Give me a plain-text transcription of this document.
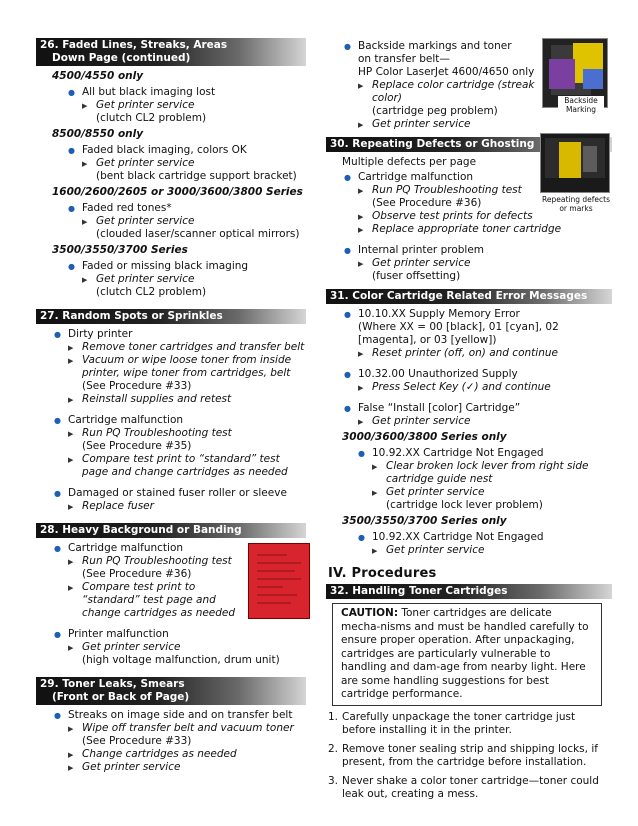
26. Faded Lines, Streaks, Areas
Down Page (continued)
4500/4550 only
● All but black imaging lost
▶ Get printer service
(clutch CL2 problem)
8500/8550 only
● Faded black imaging, colors OK
▶ Get printer service
(bent black cartridge support bracket)
1600/2600/2605 or 3000/3600/3800 Series
● Faded red tones*
▶ Get printer service
(clouded laser/scanner optical mirrors)
3500/3550/3700 Series
● Faded or missing black imaging
▶ Get printer service
(clutch CL2 problem)
27. Random Spots or Sprinkles
● Dirty printer
▶ Remove toner cartridges and transfer belt
▶ Vacuum or wipe loose toner from inside
printer, wipe toner from cartridges, belt
(See Procedure #33)
▶ Reinstall supplies and retest
● Cartridge malfunction
▶ Run PQ Troubleshooting test
(See Procedure #35)
▶ Compare test print to “standard” test
page and change cartridges as needed
● Damaged or stained fuser roller or sleeve
▶ Replace fuser
28. Heavy Background or Banding
● Cartridge malfunction
▶ Run PQ Troubleshooting test
(See Procedure #36)
▶ Compare test print to
“standard” test page and
change cartridges as needed
● Printer malfunction
▶ Get printer service
(high voltage malfunction, drum unit)
29. Toner Leaks, Smears
(Front or Back of Page)
● Streaks on image side and on transfer belt
▶ Wipe off transfer belt and vacuum toner
(See Procedure #33)
▶ Change cartridges as needed
▶ Get printer service
● Backside markings and toner
on transfer belt—
HP Color LaserJet 4600/4650 only
▶ Replace color cartridge (streak
color)
(cartridge peg problem)
▶ Get printer service
Backside Marking
30. Repeating Defects or Ghosting
Multiple defects per page
● Cartridge malfunction
▶ Run PQ Troubleshooting test
(See Procedure #36)
▶ Observe test prints for defects
▶ Replace appropriate toner cartridge
● Internal printer problem
▶ Get printer service
(fuser offsetting)
Repeating defects or marks
31. Color Cartridge Related Error Messages
● 10.10.XX Supply Memory Error
(Where XX = 00 [black], 01 [cyan], 02
[magenta], or 03 [yellow])
▶ Reset printer (off, on) and continue
● 10.32.00 Unauthorized Supply
▶ Press Select Key (✓) and continue
● False “Install [color] Cartridge”
▶ Get printer service
3000/3600/3800 Series only
● 10.92.XX Cartridge Not Engaged
▶ Clear broken lock lever from right side
cartridge guide nest
▶ Get printer service
(cartridge lock lever problem)
3500/3550/3700 Series only
● 10.92.XX Cartridge Not Engaged
▶ Get printer service
IV. Procedures
32. Handling Toner Cartridges
CAUTION: Toner cartridges are delicate mecha-nisms and must be handled carefully to ensure proper operation. After unpackaging, cartridges are particularly vulnerable to handling and dam-age from nearby light. Here are some handling suggestions for best cartridge performance.
1. Carefully unpackage the toner cartridge just before installing it in the printer.
2. Remove toner sealing strip and shipping locks, if present, from the cartridge before installation.
3. Never shake a color toner cartridge—toner could leak out, creating a mess.
